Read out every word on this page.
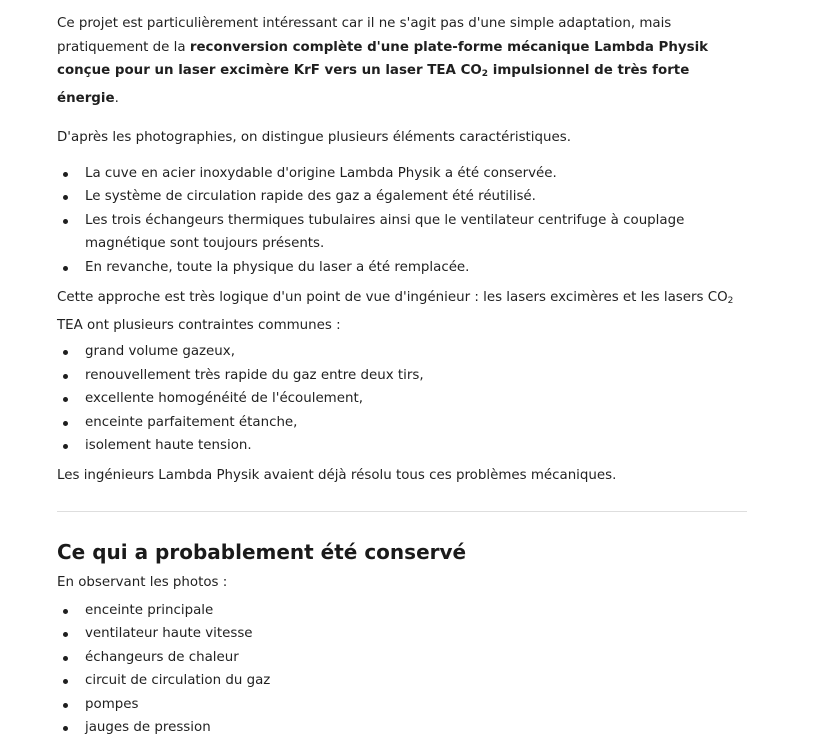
Ce projet est particulièrement intéressant car il ne s'agit pas d'une simple adaptation, mais pratiquement de la reconversion complète d'une plate-forme mécanique Lambda Physik conçue pour un laser excimère KrF vers un laser TEA $CO_2$ impulsionnel de très forte énergie.

D'après les photographies, on distingue plusieurs éléments caractéristiques.

La cuve en acier inoxydable d'origine Lambda Physik a été conservée.
Le système de circulation rapide des gaz a également été réutilisé.
Les trois échangeurs thermiques tubulaires ainsi que le ventilateur centrifuge à couplage magnétique sont toujours présents.
En revanche, toute la physique du laser a été remplacée.

Cette approche est très logique d'un point de vue d'ingénieur : les lasers excimères et les lasers $CO_2$ TEA ont plusieurs contraintes communes :

grand volume gazeux,
renouvellement très rapide du gaz entre deux tirs,
excellente homogénéité de l'écoulement,
enceinte parfaitement étanche,
isolement haute tension.

Les ingénieurs Lambda Physik avaient déjà résolu tous ces problèmes mécaniques.

Ce qui a probablement été conservé

En observant les photos :

enceinte principale
ventilateur haute vitesse
échangeurs de chaleur
circuit de circulation du gaz
pompes
jauges de pression
